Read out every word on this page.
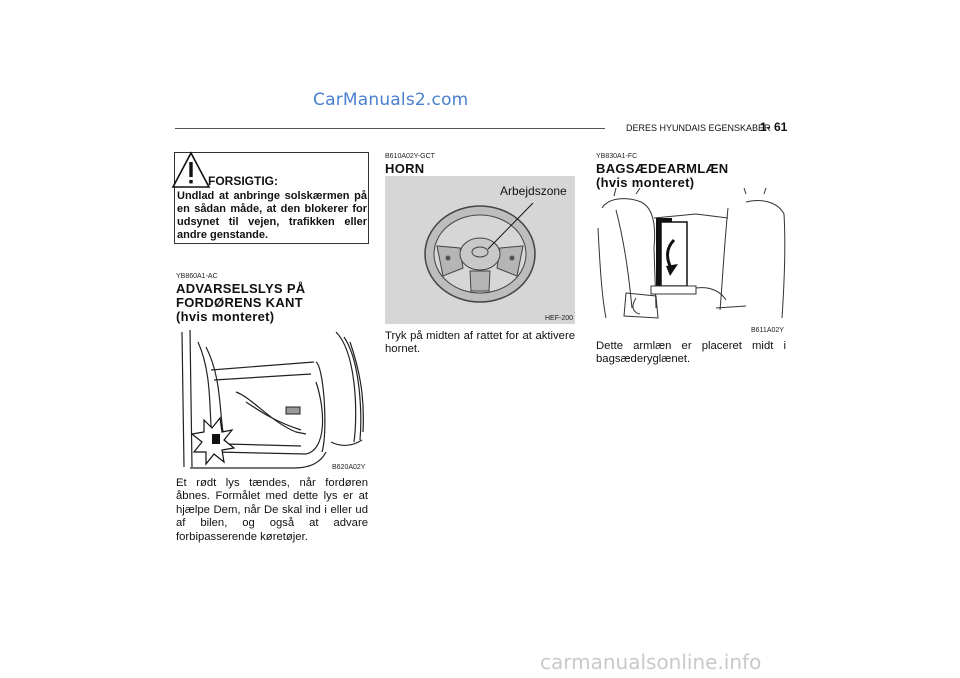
CarManuals2.com
DERES HYUNDAIS EGENSKABER
1- 61
FORSIGTIG:
Undlad at anbringe solskærmen på en sådan måde, at den blokerer for udsynet til vejen, trafikken eller andre genstande.
YB860A1-AC
ADVARSELSLYS PÅ
FORDØRENS KANT
(hvis monteret)
B620A02Y
Et rødt lys tændes, når fordøren åbnes. Formålet med dette lys er at hjælpe Dem, når De skal ind i eller ud af bilen, og også at advare forbipasserende køretøjer.
B610A02Y-GCT
HORN
Arbejdszone
HEF-200
Tryk på midten af rattet for at aktivere hornet.
YB830A1-FC
BAGSÆDEARMLÆN
(hvis monteret)
B611A02Y
Dette armlæn er placeret midt i bagsæderyglænet.
carmanualsonline.info
